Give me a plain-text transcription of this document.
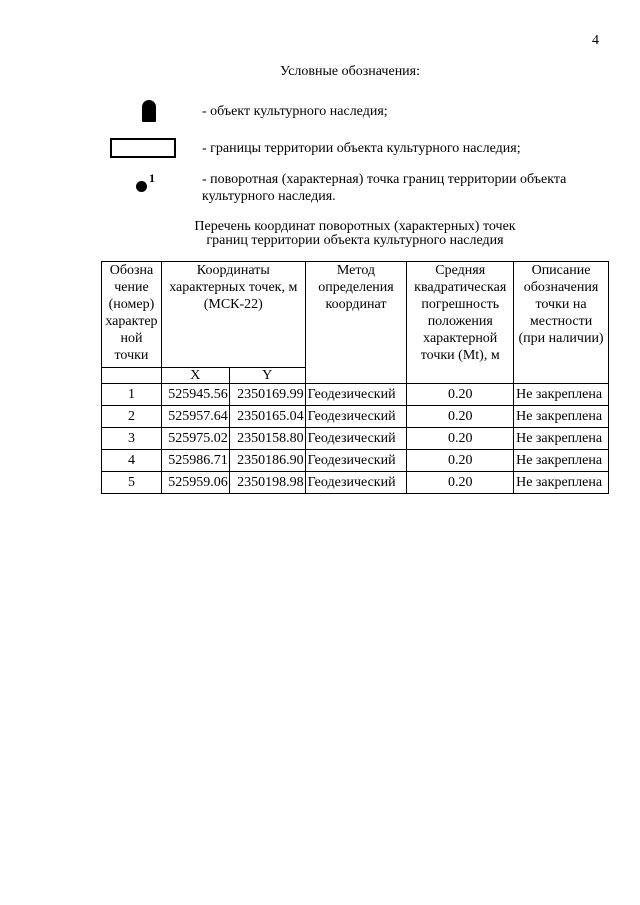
4
Условные обозначения:
- объект культурного наследия;
- границы территории объекта культурного наследия;
1	- поворотная (характерная) точка границ территории объекта культурного наследия.
Перечень координат поворотных (характерных) точек
границ территории объекта культурного наследия
Обозна чение (номер) характер ной точки	Координаты характерных точек, м (МСК-22)		Метод определения координат	Средняя квадратическая погрешность положения характерной точки (Mt), м	Описание обозначения точки на местности (при наличии)

	X	Y			
1	525945.56	2350169.99	Геодезический	0.20	Не закреплена
2	525957.64	2350165.04	Геодезический	0.20	Не закреплена
3	525975.02	2350158.80	Геодезический	0.20	Не закреплена
4	525986.71	2350186.90	Геодезический	0.20	Не закреплена
5	525959.06	2350198.98	Геодезический	0.20	Не закреплена
